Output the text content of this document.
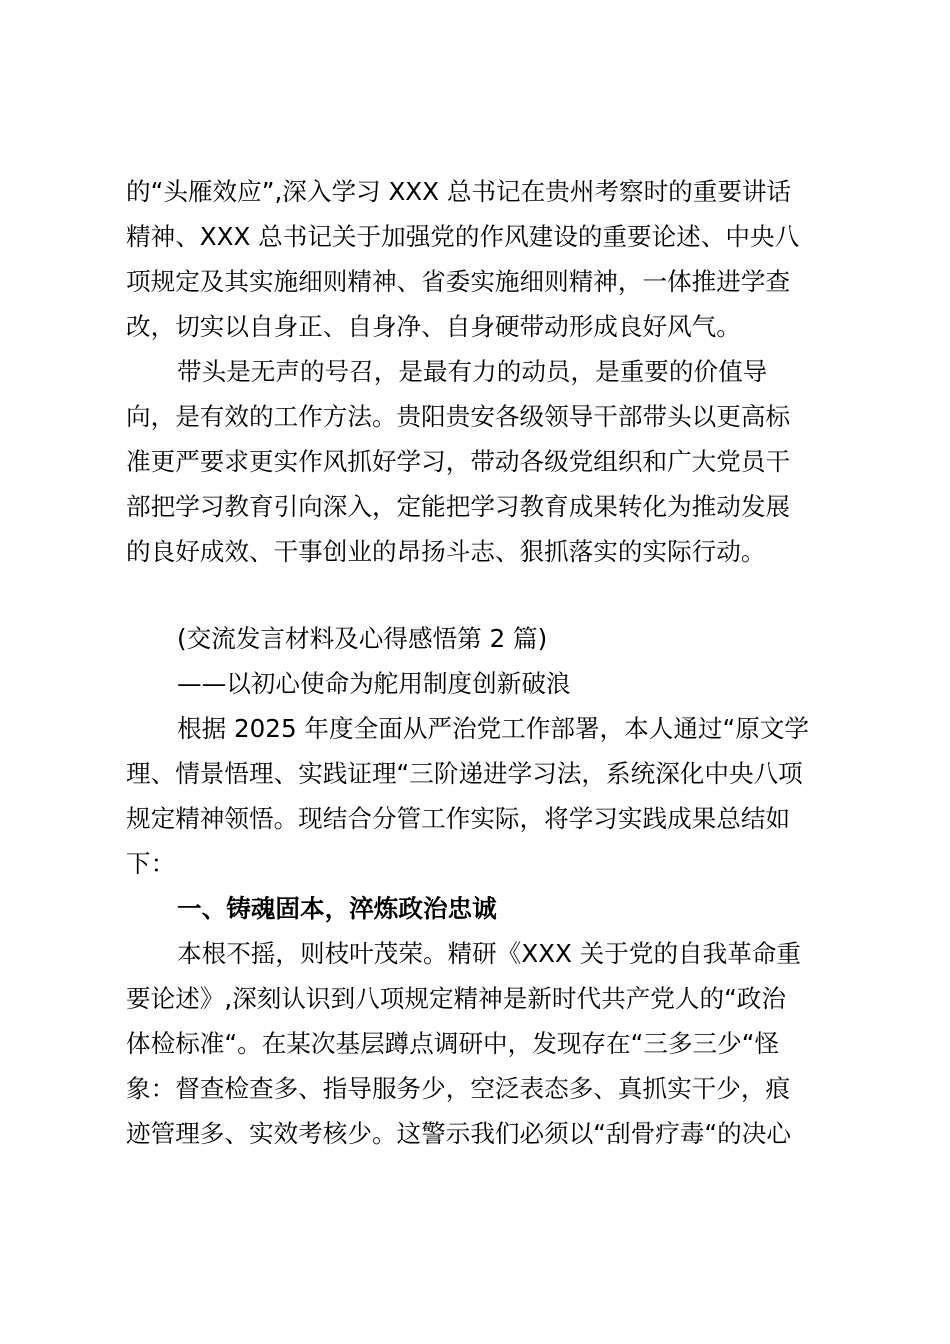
的“头雁效应”,深入学习 XXX 总书记在贵州考察时的重要讲话
精神、XXX 总书记关于加强党的作风建设的重要论述、中央八
项规定及其实施细则精神、省委实施细则精神，一体推进学查
改，切实以自身正、自身净、自身硬带动形成良好风气。
带头是无声的号召，是最有力的动员，是重要的价值导
向，是有效的工作方法。贵阳贵安各级领导干部带头以更高标
准更严要求更实作风抓好学习，带动各级党组织和广大党员干
部把学习教育引向深入，定能把学习教育成果转化为推动发展
的良好成效、干事创业的昂扬斗志、狠抓落实的实际行动。
(交流发言材料及心得感悟第 2 篇)
——以初心使命为舵用制度创新破浪
根据 2025 年度全面从严治党工作部署，本人通过“原文学
理、情景悟理、实践证理“三阶递进学习法，系统深化中央八项
规定精神领悟。现结合分管工作实际，将学习实践成果总结如
下：
一、铸魂固本，淬炼政治忠诚
本根不摇，则枝叶茂荣。精研《XXX 关于党的自我革命重
要论述》,深刻认识到八项规定精神是新时代共产党人的“政治
体检标准“。在某次基层蹲点调研中，发现存在“三多三少“怪
象：督查检查多、指导服务少，空泛表态多、真抓实干少，痕
迹管理多、实效考核少。这警示我们必须以“刮骨疗毒“的决心
